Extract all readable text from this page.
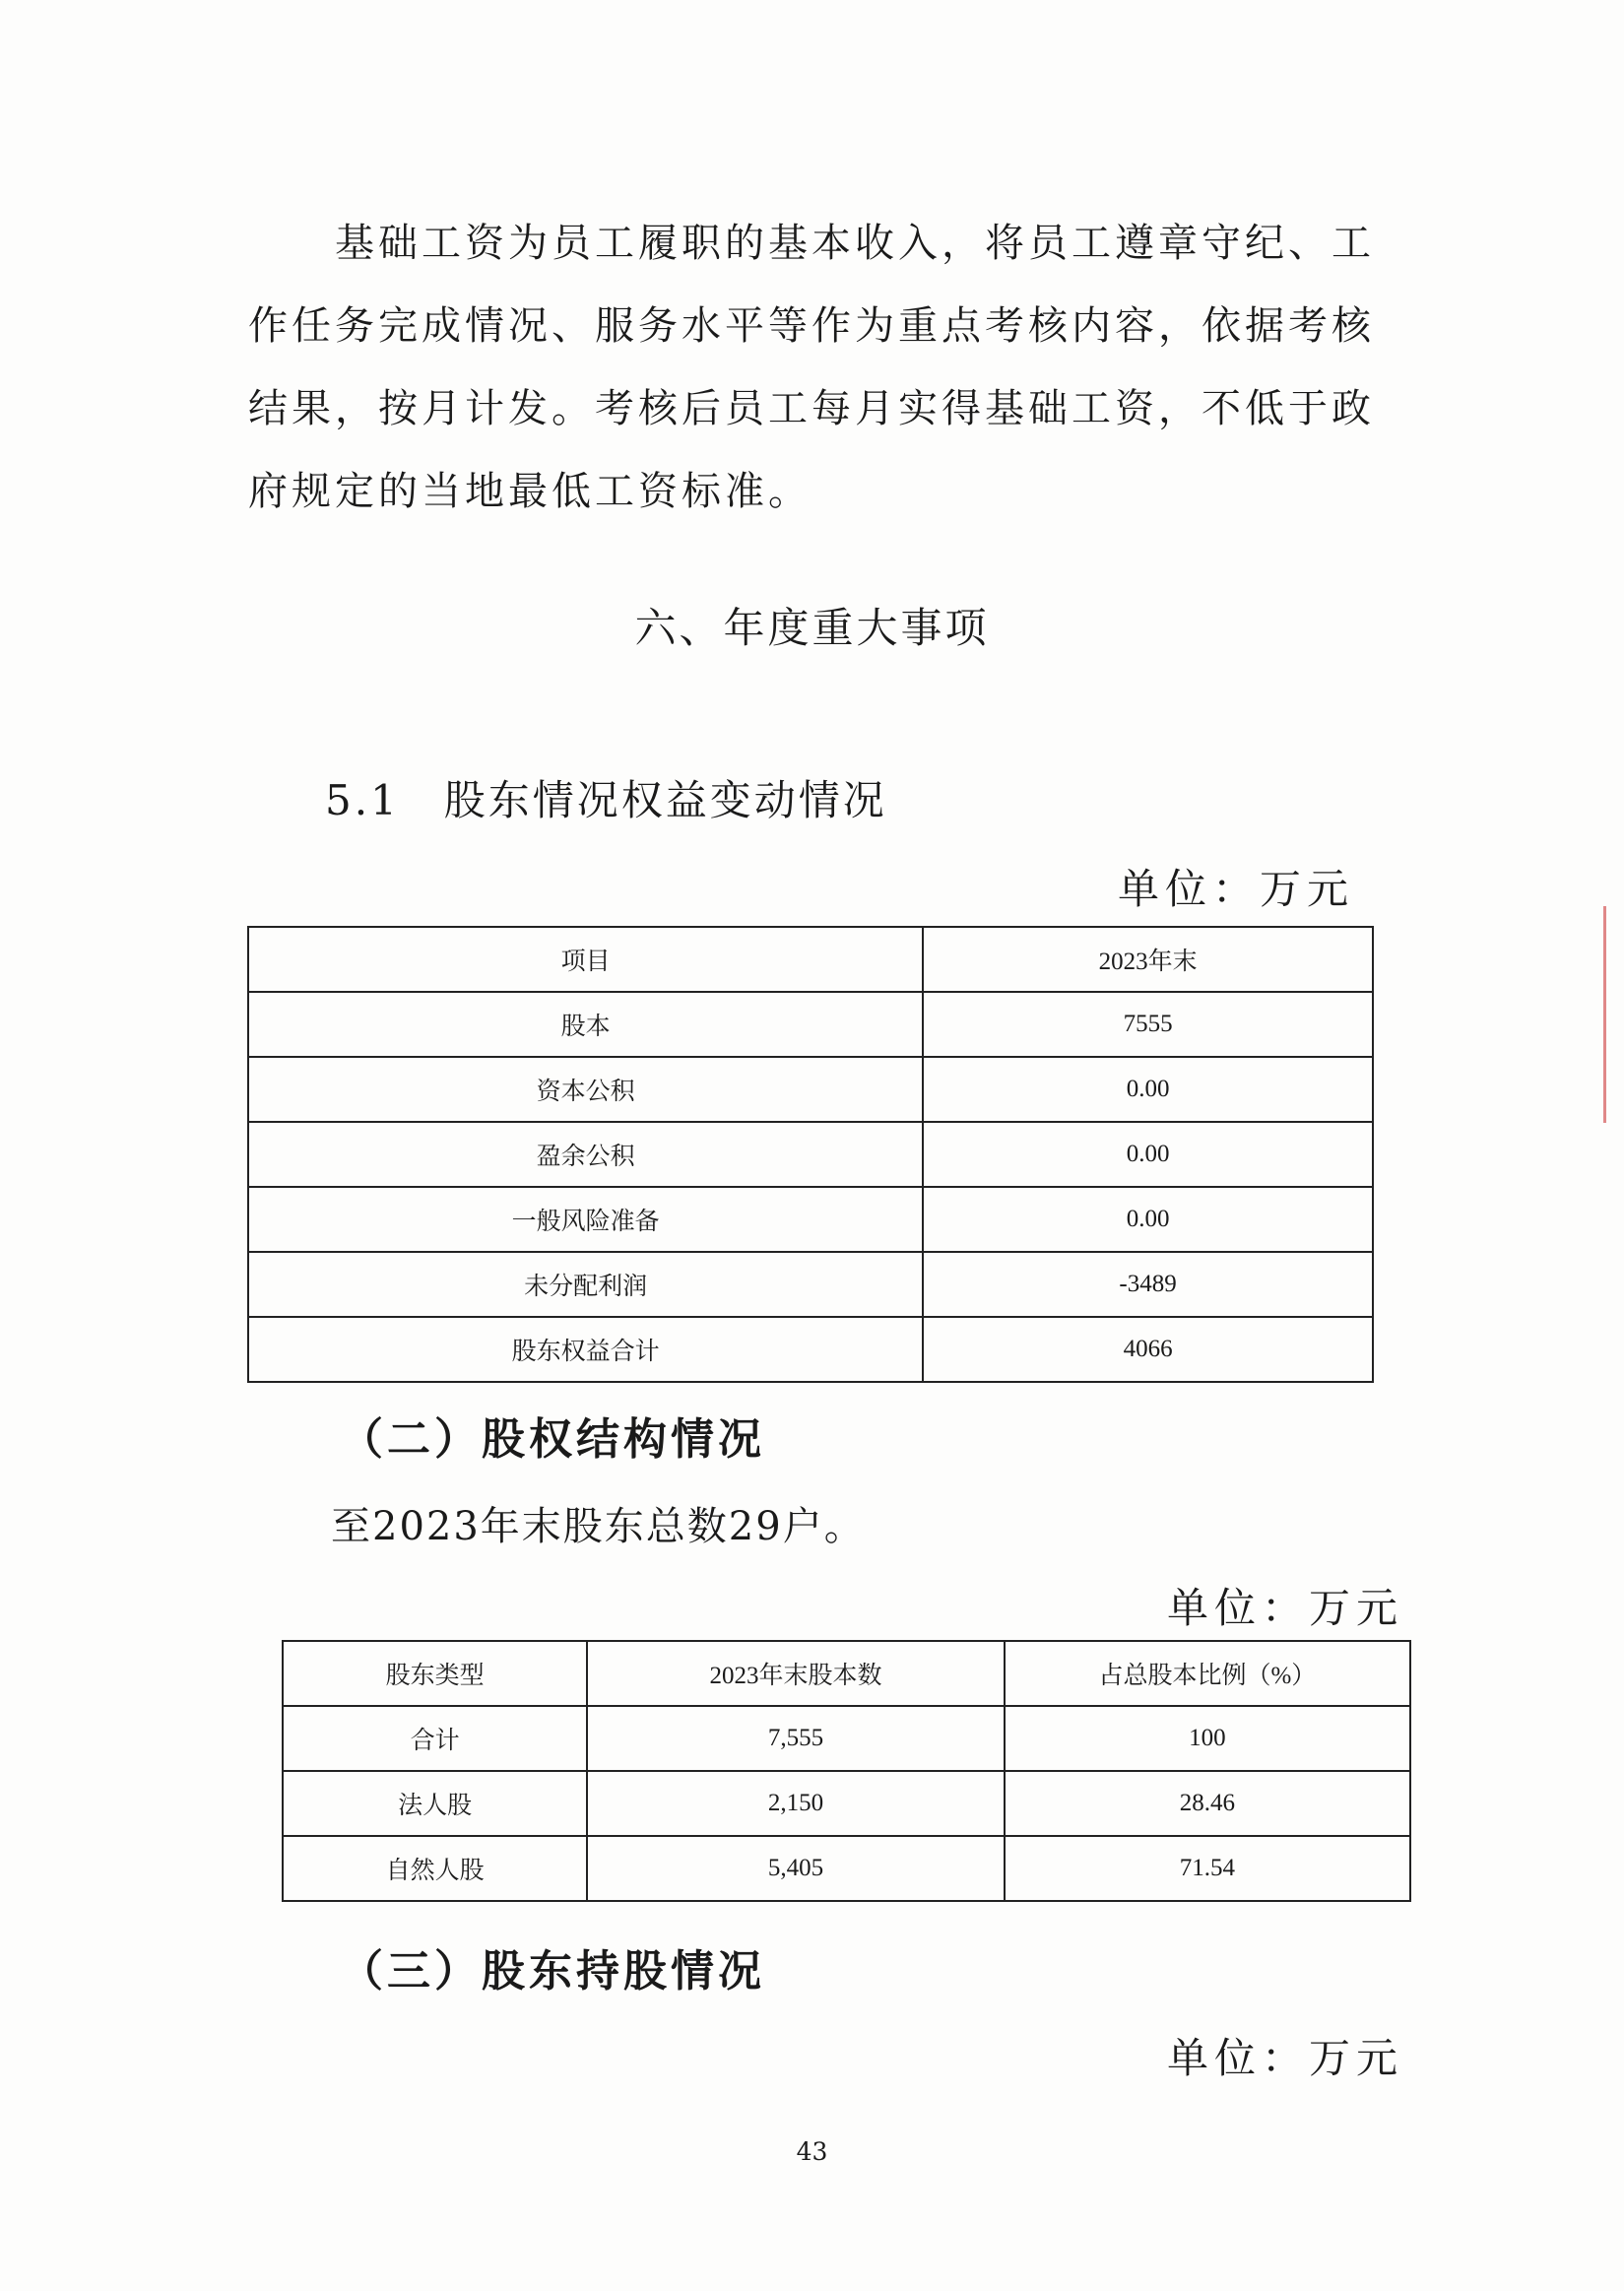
基础工资为员工履职的基本收入，将员工遵章守纪、工作任务完成情况、服务水平等作为重点考核内容，依据考核结果，按月计发。考核后员工每月实得基础工资，不低于政府规定的当地最低工资标准。

六、年度重大事项
5.1　股东情况权益变动情况
单位：万元
项目	2023年末
股本	7555
资本公积	0.00
盈余公积	0.00
一般风险准备	0.00
未分配利润	-3489
股东权益合计	4066
（二）股权结构情况
至2023年末股东总数29户。
单位：万元
股东类型	2023年末股本数	占总股本比例（%）
合计	7,555	100
法人股	2,150	28.46
自然人股	5,405	71.54
（三）股东持股情况
单位：万元
43
